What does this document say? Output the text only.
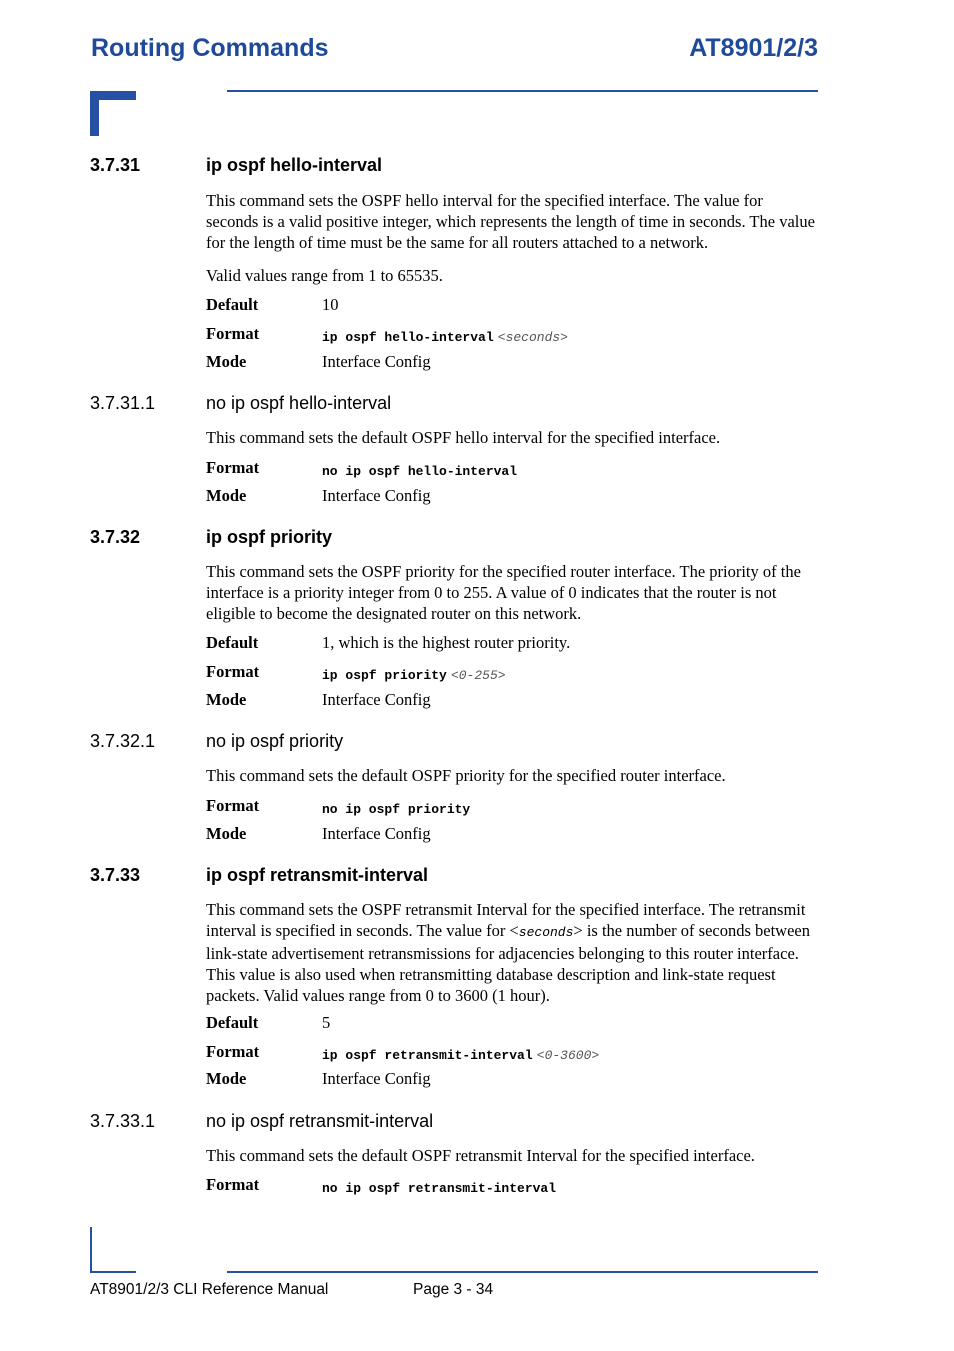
Routing Commands	AT8901/2/3
3.7.31	ip ospf hello-interval

This command sets the OSPF hello interval for the specified interface. The value for seconds is a valid positive integer, which represents the length of time in seconds. The value for the length of time must be the same for all routers attached to a network.

Valid values range from 1 to 65535.

Default	10
Format	ip ospf hello-interval <seconds>
Mode	Interface Config
3.7.31.1	no ip ospf hello-interval

This command sets the default OSPF hello interval for the specified interface.

Format	no ip ospf hello-interval
Mode	Interface Config
3.7.32	ip ospf priority

This command sets the OSPF priority for the specified router interface. The priority of the interface is a priority integer from 0 to 255. A value of 0 indicates that the router is not eligible to become the designated router on this network.

Default	1, which is the highest router priority.
Format	ip ospf priority <0-255>
Mode	Interface Config
3.7.32.1	no ip ospf priority

This command sets the default OSPF priority for the specified router interface.

Format	no ip ospf priority
Mode	Interface Config
3.7.33	ip ospf retransmit-interval

This command sets the OSPF retransmit Interval for the specified interface. The retransmit interval is specified in seconds. The value for <seconds> is the number of seconds between link-state advertisement retransmissions for adjacencies belonging to this router interface. This value is also used when retransmitting database description and link-state request packets. Valid values range from 0 to 3600 (1 hour).

Default	5
Format	ip ospf retransmit-interval <0-3600>
Mode	Interface Config
3.7.33.1	no ip ospf retransmit-interval

This command sets the default OSPF retransmit Interval for the specified interface.

Format	no ip ospf retransmit-interval
AT8901/2/3 CLI Reference Manual	Page 3 - 34
